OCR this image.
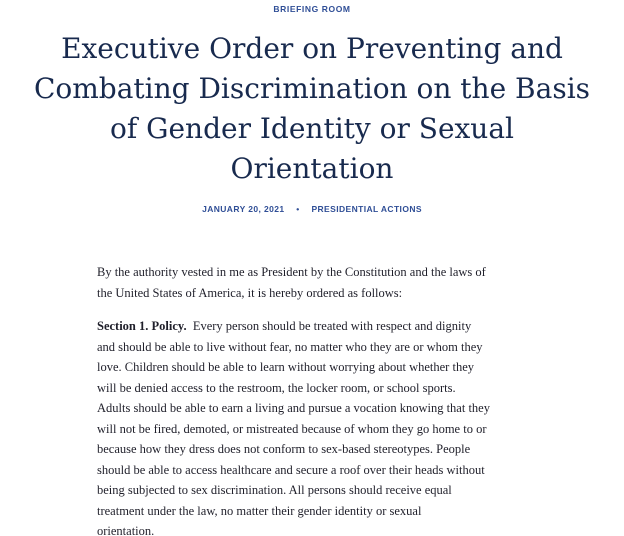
BRIEFING ROOM
Executive Order on Preventing and
Combating Discrimination on the Basis
of Gender Identity or Sexual
Orientation
JANUARY 20, 2021 • PRESIDENTIAL ACTIONS

By the authority vested in me as President by the Constitution and the laws of
the United States of America, it is hereby ordered as follows:

Section 1. Policy.  Every person should be treated with respect and dignity
and should be able to live without fear, no matter who they are or whom they
love. Children should be able to learn without worrying about whether they
will be denied access to the restroom, the locker room, or school sports.
Adults should be able to earn a living and pursue a vocation knowing that they
will not be fired, demoted, or mistreated because of whom they go home to or
because how they dress does not conform to sex-based stereotypes. People
should be able to access healthcare and secure a roof over their heads without
being subjected to sex discrimination. All persons should receive equal
treatment under the law, no matter their gender identity or sexual
orientation.
